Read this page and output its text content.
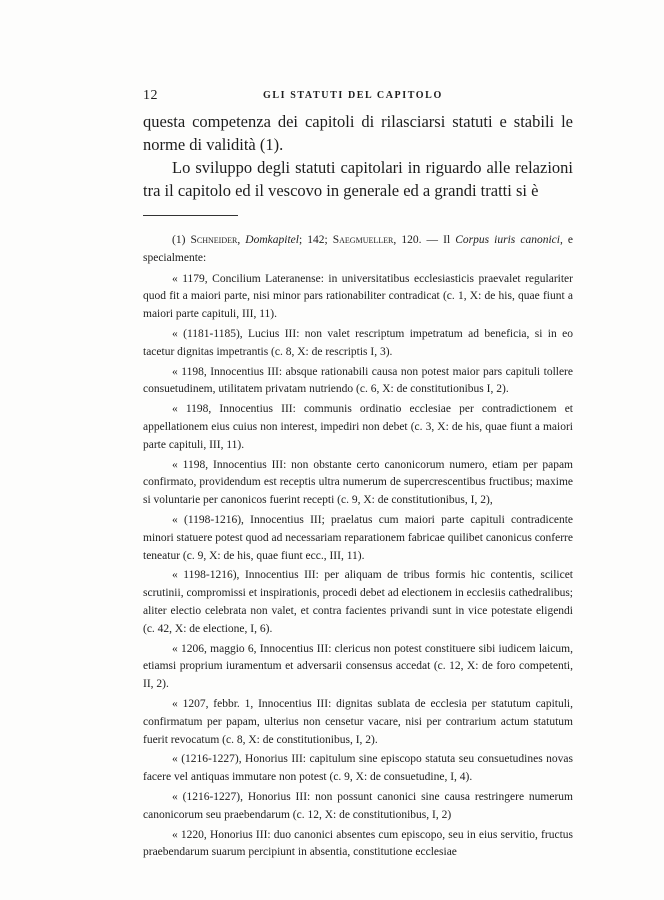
12	GLI STATUTI DEL CAPITOLO

questa competenza dei capitoli di rilasciarsi statuti e stabili le norme di validità (1).

Lo sviluppo degli statuti capitolari in riguardo alle relazioni tra il capitolo ed il vescovo in generale ed a grandi tratti si è

(1) Schneider, Domkapitel; 142; Saegmueller, 120. — Il Corpus iuris canonici, e specialmente:

« 1179, Concilium Lateranense: in universitatibus ecclesiasticis praevalet regulariter quod fit a maiori parte, nisi minor pars rationabiliter contradicat (c. 1, X: de his, quae fiunt a maiori parte capituli, III, 11).

« (1181-1185), Lucius III: non valet rescriptum impetratum ad beneficia, si in eo tacetur dignitas impetrantis (c. 8, X: de rescriptis I, 3).

« 1198, Innocentius III: absque rationabili causa non potest maior pars capituli tollere consuetudinem, utilitatem privatam nutriendo (c. 6, X: de constitutionibus I, 2).

« 1198, Innocentius III: communis ordinatio ecclesiae per contradictionem et appellationem eius cuius non interest, impediri non debet (c. 3, X: de his, quae fiunt a maiori parte capituli, III, 11).

« 1198, Innocentius III: non obstante certo canonicorum numero, etiam per papam confirmato, providendum est receptis ultra numerum de supercrescentibus fructibus; maxime si voluntarie per canonicos fuerint recepti (c. 9, X: de constitutionibus, I, 2),

« (1198-1216), Innocentius III; praelatus cum maiori parte capituli contradicente minori statuere potest quod ad necessariam reparationem fabricae quilibet canonicus conferre teneatur (c. 9, X: de his, quae fiunt ecc., III, 11).

« 1198-1216), Innocentius III: per aliquam de tribus formis hic contentis, scilicet scrutinii, compromissi et inspirationis, procedi debet ad electionem in ecclesiis cathedralibus; aliter electio celebrata non valet, et contra facientes privandi sunt in vice potestate eligendi (c. 42, X: de electione, I, 6).

« 1206, maggio 6, Innocentius III: clericus non potest constituere sibi iudicem laicum, etiamsi proprium iuramentum et adversarii consensus accedat (c. 12, X: de foro competenti, II, 2).

« 1207, febbr. 1, Innocentius III: dignitas sublata de ecclesia per statutum capituli, confirmatum per papam, ulterius non censetur vacare, nisi per contrarium actum statutum fuerit revocatum (c. 8, X: de constitutionibus, I, 2).

« (1216-1227), Honorius III: capitulum sine episcopo statuta seu consuetudines novas facere vel antiquas immutare non potest (c. 9, X: de consuetudine, I, 4).

« (1216-1227), Honorius III: non possunt canonici sine causa restringere numerum canonicorum seu praebendarum (c. 12, X: de constitutionibus, I, 2)

« 1220, Honorius III: duo canonici absentes cum episcopo, seu in eius servitio, fructus praebendarum suarum percipiunt in absentia, constitutione ecclesiae
